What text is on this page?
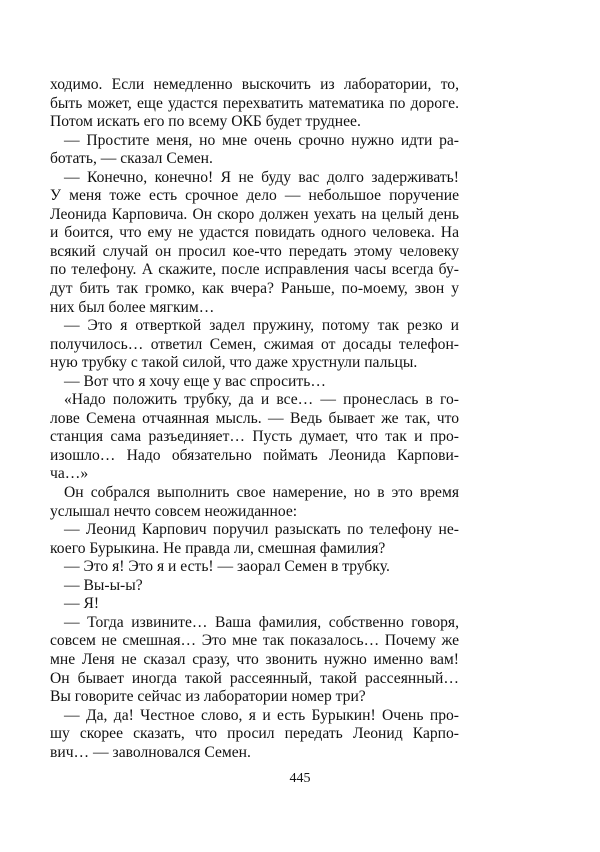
ходимо. Если немедленно выскочить из лаборатории, то,
быть может, еще удастся перехватить математика по дороге.
Потом искать его по всему ОКБ будет труднее.
— Простите меня, но мне очень срочно нужно идти ра-
ботать, — сказал Семен.
— Конечно, конечно! Я не буду вас долго задерживать!
У меня тоже есть срочное дело — небольшое поручение
Леонида Карповича. Он скоро должен уехать на целый день
и боится, что ему не удастся повидать одного человека. На
всякий случай он просил кое-что передать этому человеку
по телефону. А скажите, после исправления часы всегда бу-
дут бить так громко, как вчера? Раньше, по-моему, звон у
них был более мягким…
— Это я отверткой задел пружину, потому так резко и
получилось… ответил Семен, сжимая от досады телефон-
ную трубку с такой силой, что даже хрустнули пальцы.
— Вот что я хочу еще у вас спросить…
«Надо положить трубку, да и все… — пронеслась в го-
лове Семена отчаянная мысль. — Ведь бывает же так, что
станция сама разъединяет… Пусть думает, что так и про-
изошло… Надо обязательно поймать Леонида Карпови-
ча…»
Он собрался выполнить свое намерение, но в это время
услышал нечто совсем неожиданное:
— Леонид Карпович поручил разыскать по телефону не-
коего Бурыкина. Не правда ли, смешная фамилия?
— Это я! Это я и есть! — заорал Семен в трубку.
— Вы-ы-ы?
— Я!
— Тогда извините… Ваша фамилия, собственно говоря,
совсем не смешная… Это мне так показалось… Почему же
мне Леня не сказал сразу, что звонить нужно именно вам!
Он бывает иногда такой рассеянный, такой рассеянный…
Вы говорите сейчас из лаборатории номер три?
— Да, да! Честное слово, я и есть Бурыкин! Очень про-
шу скорее сказать, что просил передать Леонид Карпо-
вич… — заволновался Семен.
445
